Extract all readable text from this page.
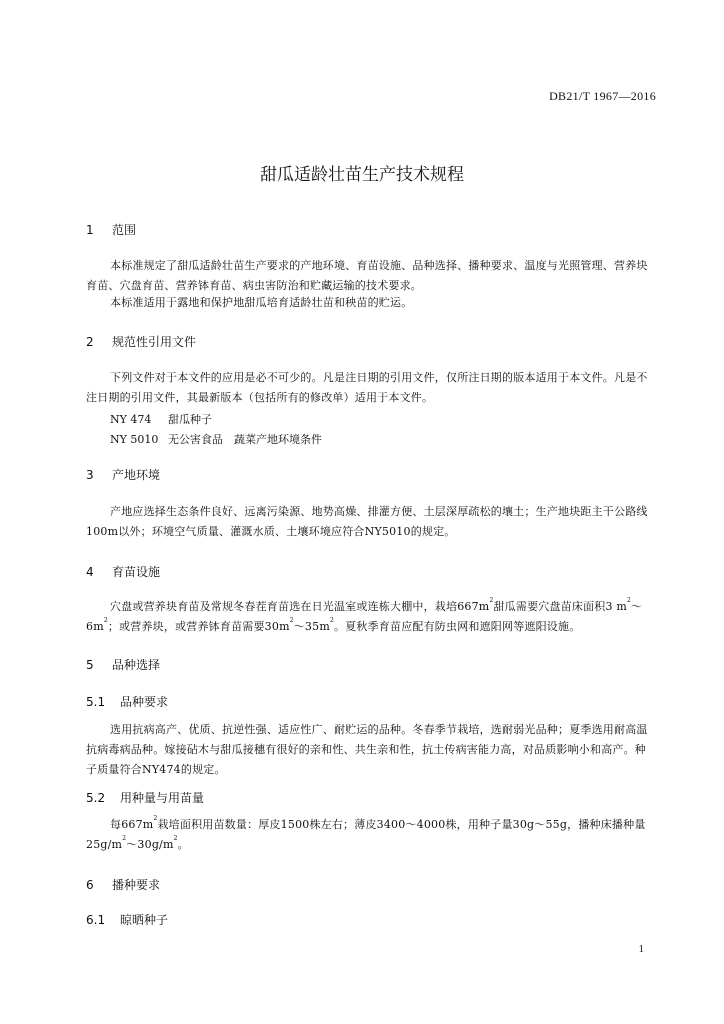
DB21/T 1967—2016
甜瓜适龄壮苗生产技术规程
1 范围
本标准规定了甜瓜适龄壮苗生产要求的产地环境、育苗设施、品种选择、播种要求、温度与光照管理、营养块育苗、穴盘育苗、营养钵育苗、病虫害防治和贮藏运输的技术要求。
本标准适用于露地和保护地甜瓜培育适龄壮苗和秧苗的贮运。
2 规范性引用文件
下列文件对于本文件的应用是必不可少的。凡是注日期的引用文件，仅所注日期的版本适用于本文件。凡是不注日期的引用文件，其最新版本（包括所有的修改单）适用于本文件。
NY 474 甜瓜种子
NY 5010 无公害食品　蔬菜产地环境条件
3 产地环境
产地应选择生态条件良好、远离污染源、地势高燥、排灌方便、土层深厚疏松的壤土；生产地块距主干公路线100m以外；环境空气质量、灌溉水质、土壤环境应符合NY5010的规定。
4 育苗设施
穴盘或营养块育苗及常规冬春茬育苗选在日光温室或连栋大棚中，栽培$667m^2$甜瓜需要穴盘苗床面积3 $m^2\sim 6m^2$；或营养块，或营养钵育苗需要$30m^2\sim 35m^2$。夏秋季育苗应配有防虫网和遮阳网等遮阳设施。
5 品种选择
5.1 品种要求
选用抗病高产、优质、抗逆性强、适应性广、耐贮运的品种。冬春季节栽培，选耐弱光品种；夏季选用耐高温抗病毒病品种。嫁接砧木与甜瓜接穗有很好的亲和性、共生亲和性，抗土传病害能力高，对品质影响小和高产。种子质量符合NY474的规定。
5.2 用种量与用苗量
每$667m^2$栽培面积用苗数量：厚皮1500株左右；薄皮3400～4000株，用种子量30g～55g，播种床播种量$25g/m^2\sim 30g/m^2$。
6 播种要求
6.1 晾晒种子
1
